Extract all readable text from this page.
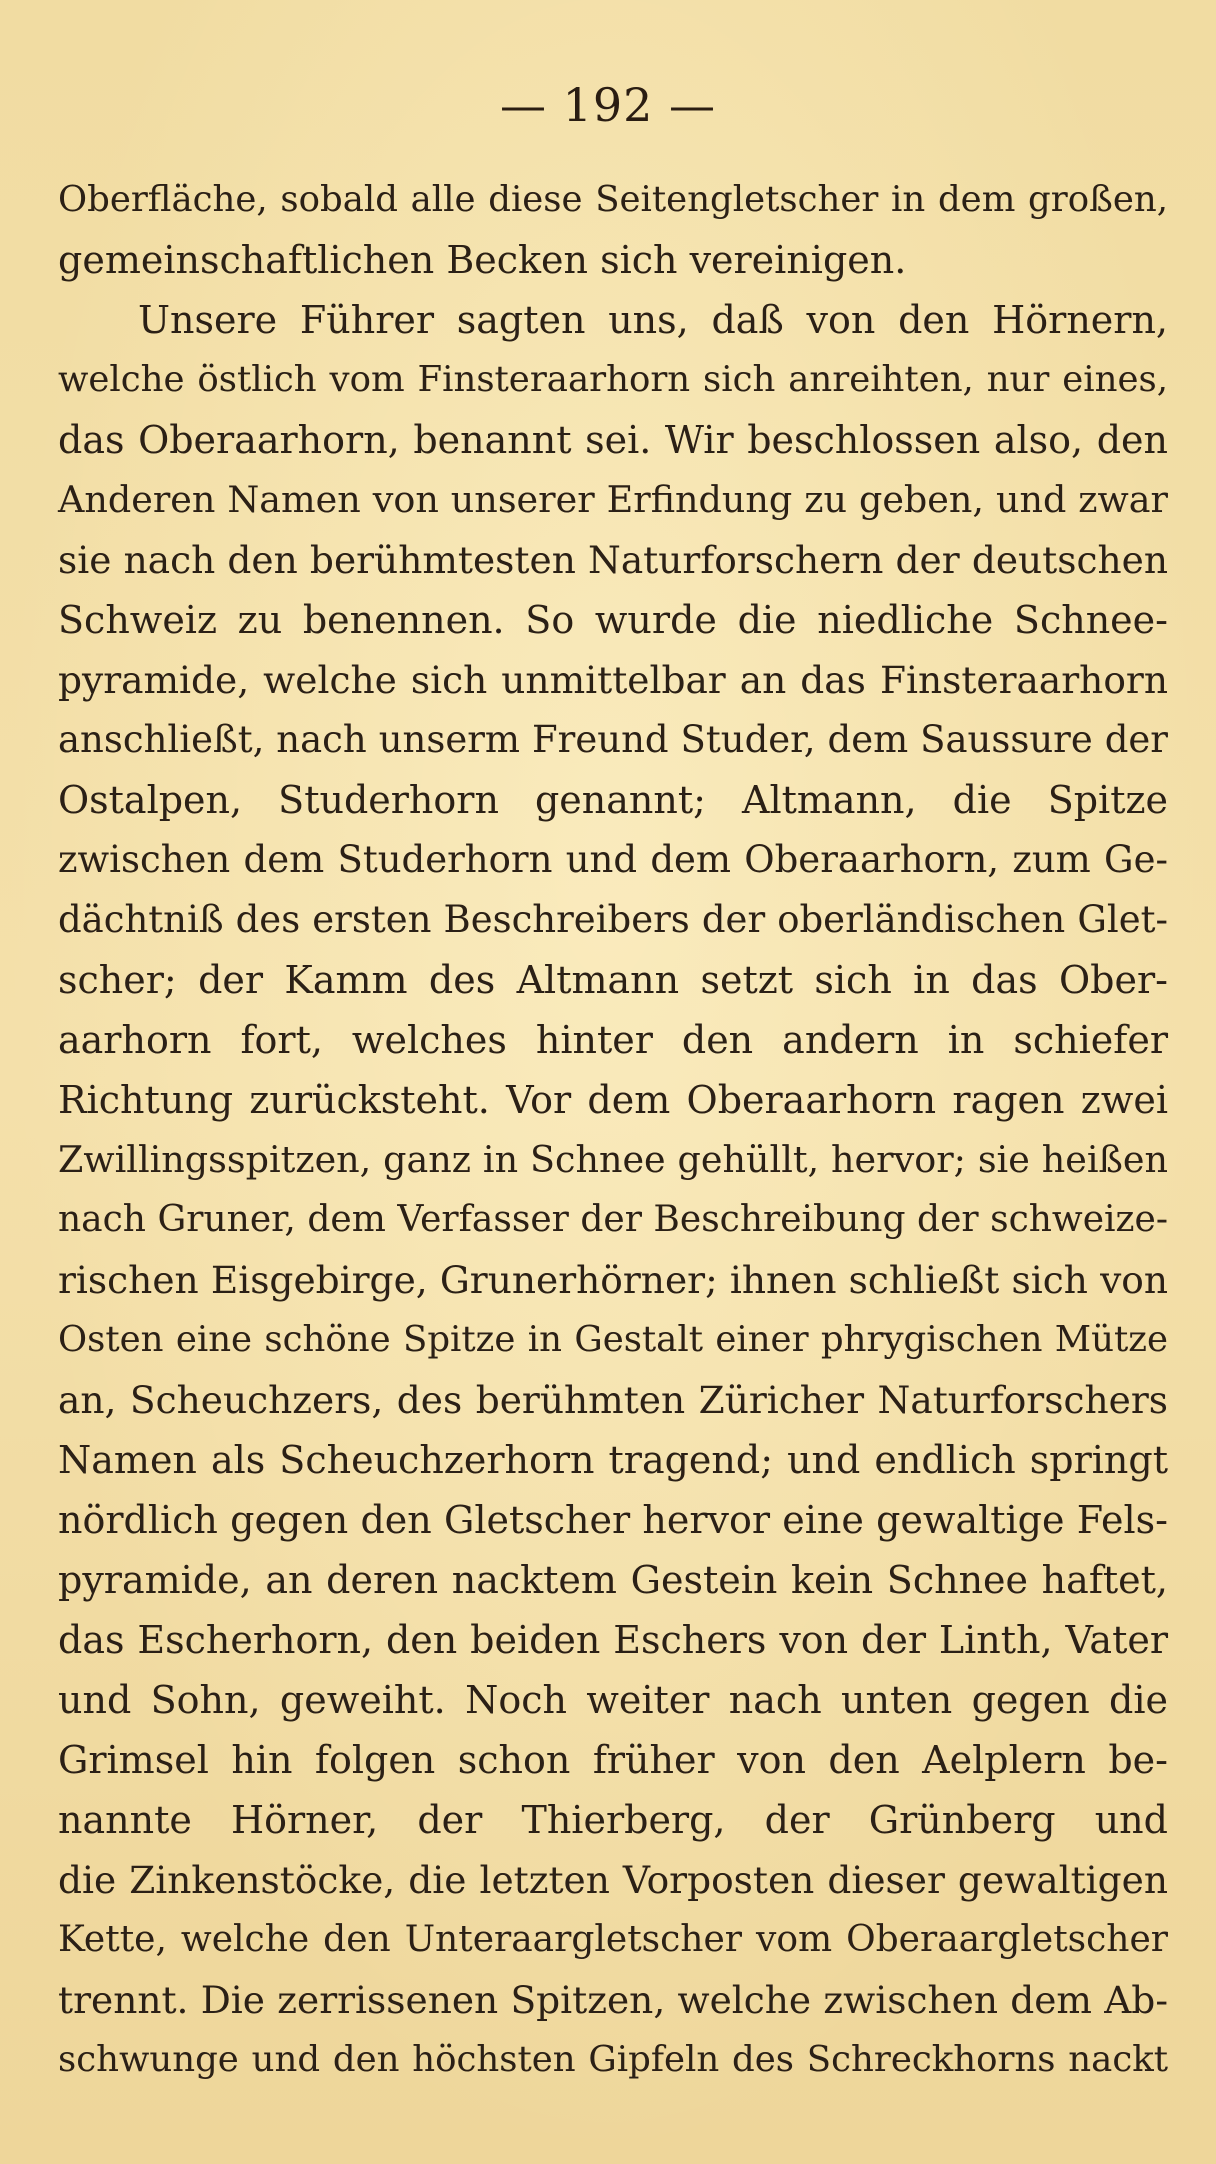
— 192 —
Oberfläche, sobald alle diese Seitengletscher in dem großen,
gemeinschaftlichen Becken sich vereinigen.
Unsere Führer sagten uns, daß von den Hörnern,
welche östlich vom Finsteraarhorn sich anreihten, nur eines,
das Oberaarhorn, benannt sei. Wir beschlossen also, den
Anderen Namen von unserer Erfindung zu geben, und zwar
sie nach den berühmtesten Naturforschern der deutschen
Schweiz zu benennen. So wurde die niedliche Schnee-
pyramide, welche sich unmittelbar an das Finsteraarhorn
anschließt, nach unserm Freund Studer, dem Saussure der
Ostalpen, Studerhorn genannt; Altmann, die Spitze
zwischen dem Studerhorn und dem Oberaarhorn, zum Ge-
dächtniß des ersten Beschreibers der oberländischen Glet-
scher; der Kamm des Altmann setzt sich in das Ober-
aarhorn fort, welches hinter den andern in schiefer
Richtung zurücksteht. Vor dem Oberaarhorn ragen zwei
Zwillingsspitzen, ganz in Schnee gehüllt, hervor; sie heißen
nach Gruner, dem Verfasser der Beschreibung der schweize-
rischen Eisgebirge, Grunerhörner; ihnen schließt sich von
Osten eine schöne Spitze in Gestalt einer phrygischen Mütze
an, Scheuchzers, des berühmten Züricher Naturforschers
Namen als Scheuchzerhorn tragend; und endlich springt
nördlich gegen den Gletscher hervor eine gewaltige Fels-
pyramide, an deren nacktem Gestein kein Schnee haftet,
das Escherhorn, den beiden Eschers von der Linth, Vater
und Sohn, geweiht. Noch weiter nach unten gegen die
Grimsel hin folgen schon früher von den Aelplern be-
nannte Hörner, der Thierberg, der Grünberg und
die Zinkenstöcke, die letzten Vorposten dieser gewaltigen
Kette, welche den Unteraargletscher vom Oberaargletscher
trennt. Die zerrissenen Spitzen, welche zwischen dem Ab-
schwunge und den höchsten Gipfeln des Schreckhorns nackt
